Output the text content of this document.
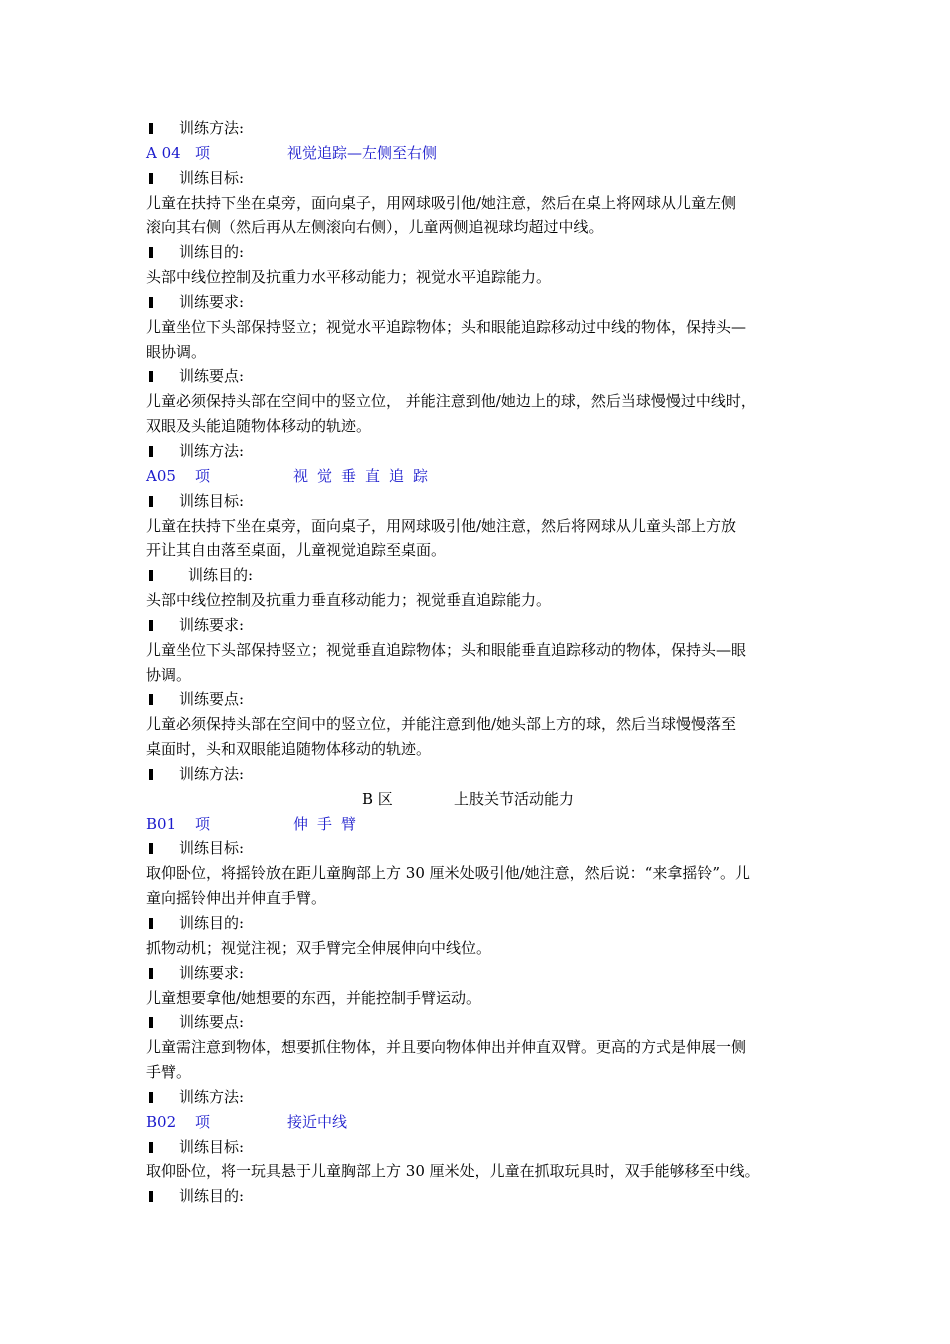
训练方法:
A 04 项	视觉追踪—左侧至右侧
训练目标:
儿童在扶持下坐在桌旁，面向桌子，用网球吸引他/她注意，然后在桌上将网球从儿童左侧
滚向其右侧（然后再从左侧滚向右侧），儿童两侧追视球均超过中线。
训练目的:
头部中线位控制及抗重力水平移动能力；视觉水平追踪能力。
训练要求:
儿童坐位下头部保持竖立；视觉水平追踪物体；头和眼能追踪移动过中线的物体，保持头—
眼协调。
训练要点:
儿童必须保持头部在空间中的竖立位， 并能注意到他/她边上的球，然后当球慢慢过中线时，
双眼及头能追随物体移动的轨迹。
训练方法:
A05 项	视觉垂直追踪
训练目标:
儿童在扶持下坐在桌旁，面向桌子，用网球吸引他/她注意，然后将网球从儿童头部上方放
开让其自由落至桌面，儿童视觉追踪至桌面。
训练目的:
头部中线位控制及抗重力垂直移动能力；视觉垂直追踪能力。
训练要求:
儿童坐位下头部保持竖立；视觉垂直追踪物体；头和眼能垂直追踪移动的物体，保持头—眼
协调。
训练要点:
儿童必须保持头部在空间中的竖立位，并能注意到他/她头部上方的球，然后当球慢慢落至
桌面时，头和双眼能追随物体移动的轨迹。
训练方法:
B 区	上肢关节活动能力
B01 项	伸手臂
训练目标:
取仰卧位，将摇铃放在距儿童胸部上方 30 厘米处吸引他/她注意，然后说：“来拿摇铃”。儿
童向摇铃伸出并伸直手臂。
训练目的:
抓物动机；视觉注视；双手臂完全伸展伸向中线位。
训练要求:
儿童想要拿他/她想要的东西，并能控制手臂运动。
训练要点:
儿童需注意到物体，想要抓住物体，并且要向物体伸出并伸直双臂。更高的方式是伸展一侧
手臂。
训练方法:
B02 项	接近中线
训练目标:
取仰卧位，将一玩具悬于儿童胸部上方 30 厘米处，儿童在抓取玩具时，双手能够移至中线。
训练目的:
